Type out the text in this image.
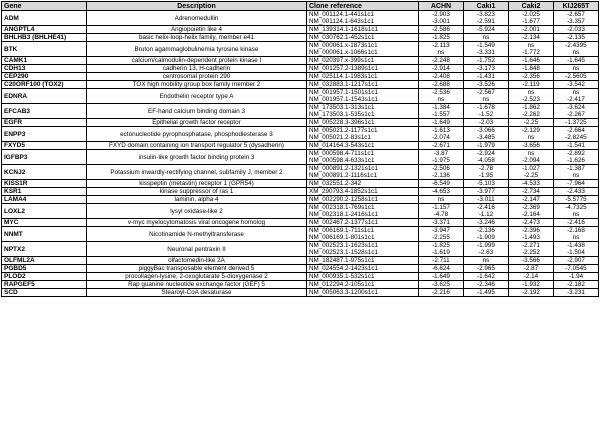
Gene	Description	Clone reference	ACHN	Caki1	Caki2	KIJ265T
ADM	Adrenomedullin	NM_001124.1-441s1c1	-2.903	-3.823	-2.025	-2.657
		NM_001124.1-643s1c1	-3.001	-2.591	-1.677	-3.357
ANGPTL4	Angiopoietin like 4	NM_139314.1-1618s1c1	-2.586	-5.924	-2.001	-2.033
BHLHB3 (BHLHE41)	basic helix-loop-helix family, member e41	NM_030762.1-452s1c1	-1.825	ns	-2.134	-2.135
BTK	Bruton agammaglobulinemia tyrosine kinase	NM_000061.x-1873s1c1	-2.113	-1.549	ns	-2.4395
		NM_000061.x-1066s1c1	ns	-3.331	-1.772	ns
CAMK1	calcium/calmodulin-dependent protein kinase I	NM_020397.x-399s1c1	-2.248	-1.752	-1.646	-1.645
CDH13	cadherin 13, H-cadherin	NM_001257.2-1389s1c1	-2.914	-3.173	-1.848	ns
CEP290	centrosomal protein 290	NM_025114.1-1983s1c1	-2.408	-1.431	-2.356	-2.5605
C20ORF100 (TOX2)	TOX high mobility group box family member 2	NM_032883.1-1217s1c1	-2.688	-3.526	-2.119	-3.542
EDNRA	Endothelin receptor type A	NM_001957.1-1501s1c1	-2.536	-2.567	ns	ns
		NM_001957.1-1543s1c1	ns	ns	-2.523	-2.417
EFCAB3	EF-hand calcium binding domain 3	NM_173503.1-313s1c1	-1.384	-1.678	-1.862	-3.624
		NM_173503.1-535s1c1	-1.557	-1.52	-2.262	-2.267
EGFR	Epithelial growth factor receptor	NM_005228.3-396s1c1	-1.649	-2.03	-2.25	-1.3725
ENPP3	ectonucleotide pyrophosphatase, phosphodiesterase 3	NM_005021.2-1177s1c1	-1.613	-3.066	-2.129	-2.664
		NM_005021.2-83s1c1	-2.074	-3.485	ns	-2.8245
FXYD5	FXYD domain containing ion transport regulator 5 (dysadherin)	NM_014164.3-543s1c1	-2.671	-1.979	-3.656	-1.541
IGFBP3	insulin-like growth factor binding protein 3	NM_000598.4-711s1c1	-3.87	-2.924	ns	-2.892
		NM_000598.4-633s1c1	-1.975	-4.058	-2.094	-1.626
KCNJ2	Potassium inwardly-rectifying channel, subfamily J, member 2	NM_000891.2-1321s1c1	-2.506	-2.78	-1.027	-1.387
		NM_000891.2-1116s1c1	-2.136	-1.95	-2.25	ns
KISS1R	kisspeptin (metastin) receptor 1 (GPR54)	NM_032551.2-342	-6.549	-5.103	-4.533	-7.964
KSR1	kinase suppressor of ras 1	XM_290793.4-1852s1c1	-4.653	-3.977	-2.734	-2.433
LAMA4	laminin, alpha 4	NM_002290.2-1258s1c1	ns	-3.011	-2.147	-5.5775
LOXL2	lysyl oxidase-like 2	NM_002318.1-769s1c1	-1.157	-2.416	-2.369	-4.7325
		NM_002318.1-2416s1c1	-4.78	-1.12	-2.164	ns
MYC	v-myc myelocytomatosis viral oncogene homolog	NM_002467.2-1377s1c1	-3.371	-3.246	-2.473	-2.416
NNMT	Nicotinamide N-methyltransferase	NM_006169.1-711s1c1	-3.947	-2.136	-2.396	-2.168
		NM_006169.1-801s1c1	-2.255	-1.909	-1.493	ns
NPTX2	Neuronal pentraxin II	NM_002523.1-1623s1c1	-1.825	-1.999	-2.271	-1.438
		NM_002523.1-1528s1c1	-1.619	-2.63	-2.252	-1.504
OLFML2A	olfactomedin-like 2A	NM_182487.1-975s1c1	-2.711	ns	-3.566	-2.907
PGBD5	piggyBac transposable element derived 5	NM_024554.2-1423s1c1	-6.624	-2.965	-2.87	-7.0545
PLOD2	procollagen-lysine, 2-oxoglutarate 5-dioxygenase 2	NM_000935.1-532s1c1	-1.649	-1.642	-2.14	-1.94
RAPGEF5	Rap guanine nucleotide exchange factor (GEF) 5	NM_012294.2-105s1c1	-3.625	-2.346	-1.932	-2.182
SCD	Stearoyl-CoA desaturase	NM_005063.3-1200s1c1	-2.216	-1.495	-2.192	-3.231
